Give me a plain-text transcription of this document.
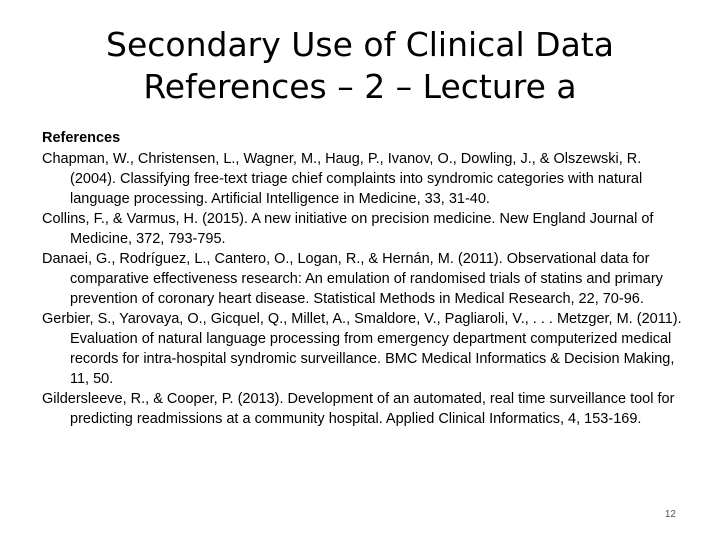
Secondary Use of Clinical Data
References – 2 – Lecture a
References
Chapman, W., Christensen, L., Wagner, M., Haug, P., Ivanov, O., Dowling, J., & Olszewski, R. (2004). Classifying free-text triage chief complaints into syndromic categories with natural language processing. Artificial Intelligence in Medicine, 33, 31-40.
Collins, F., & Varmus, H. (2015). A new initiative on precision medicine. New England Journal of Medicine, 372, 793-795.
Danaei, G., Rodríguez, L., Cantero, O., Logan, R., & Hernán, M. (2011). Observational data for comparative effectiveness research: An emulation of randomised trials of statins and primary prevention of coronary heart disease. Statistical Methods in Medical Research, 22, 70-96.
Gerbier, S., Yarovaya, O., Gicquel, Q., Millet, A., Smaldore, V., Pagliaroli, V., . . . Metzger, M. (2011). Evaluation of natural language processing from emergency department computerized medical records for intra-hospital syndromic surveillance. BMC Medical Informatics & Decision Making, 11, 50.
Gildersleeve, R., & Cooper, P. (2013). Development of an automated, real time surveillance tool for predicting readmissions at a community hospital. Applied Clinical Informatics, 4, 153-169.
12
